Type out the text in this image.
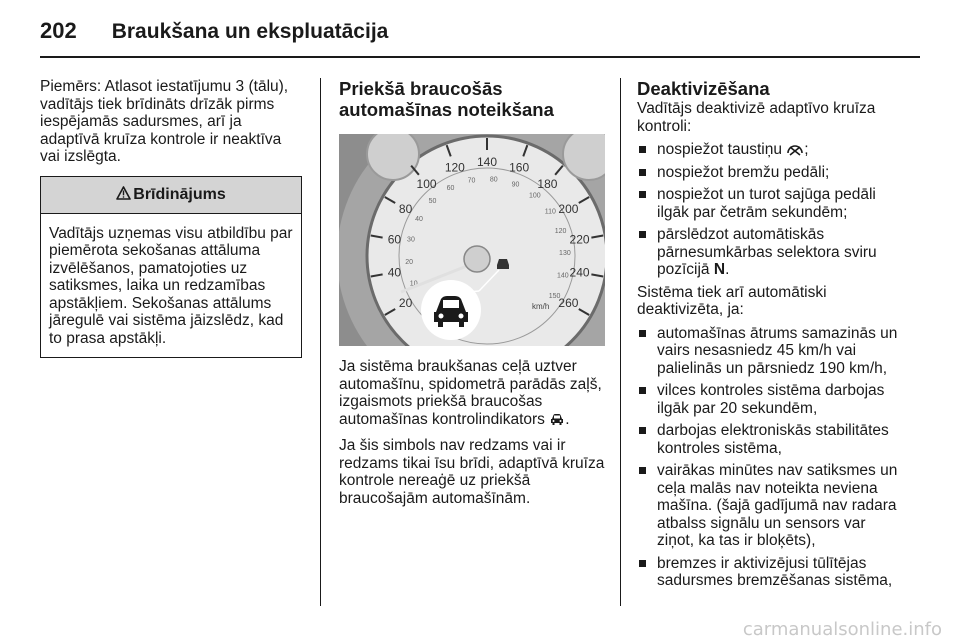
202 Braukšana un ekspluatācija

Piemērs: Atlasot iestatījumu 3 (tālu), vadītājs tiek brīdināts drīzāk pirms iespējamās sadursmes, arī ja adaptīvā kruīza kontrole ir neaktīva vai izslēgta.

Brīdinājums
Vadītājs uzņemas visu atbildību par piemērota sekošanas attāluma izvēlēšanos, pamatojoties uz satiksmes, laika un redzamības apstākļiem. Sekošanas attālums jāregulē vai sistēma jāizslēdz, kad to prasa apstākļi.
Priekšā braucošās automašīnas noteikšana
20
40
60
80
100
120 140 160
180
200
220
240
260
10
20
30
40
50
60
70 80
90
100
110
120
130
140
150
km/h

Ja sistēma braukšanas ceļā uztver automašīnu, spidometrā parādās zaļš, izgaismots priekšā braucošas automašīnas kontrolindikators .

Ja šis simbols nav redzams vai ir redzams tikai īsu brīdi, adaptīvā kruīza kontrole nereaģē uz priekšā braucošajām automašīnām.

Deaktivizēšana

Vadītājs deaktivizē adaptīvo kruīza kontroli:

nospiežot taustiņu ;
nospiežot bremžu pedāli;
nospiežot un turot sajūga pedāli ilgāk par četrām sekundēm;
pārslēdzot automātiskās pārnesumkārbas selektora sviru pozīcijā N.

Sistēma tiek arī automātiski deaktivizēta, ja:

automašīnas ātrums samazinās un vairs nesasniedz 45 km/h vai palielinās un pārsniedz 190 km/h,
vilces kontroles sistēma darbojas ilgāk par 20 sekundēm,
darbojas elektroniskās stabilitātes kontroles sistēma,
vairākas minūtes nav satiksmes un ceļa malās nav noteikta neviena mašīna. (šajā gadījumā nav radara atbalss signālu un sensors var ziņot, ka tas ir bloķēts),
bremzes ir aktivizējusi tūlītējas sadursmes bremzēšanas sistēma,
carmanualsonline.info
